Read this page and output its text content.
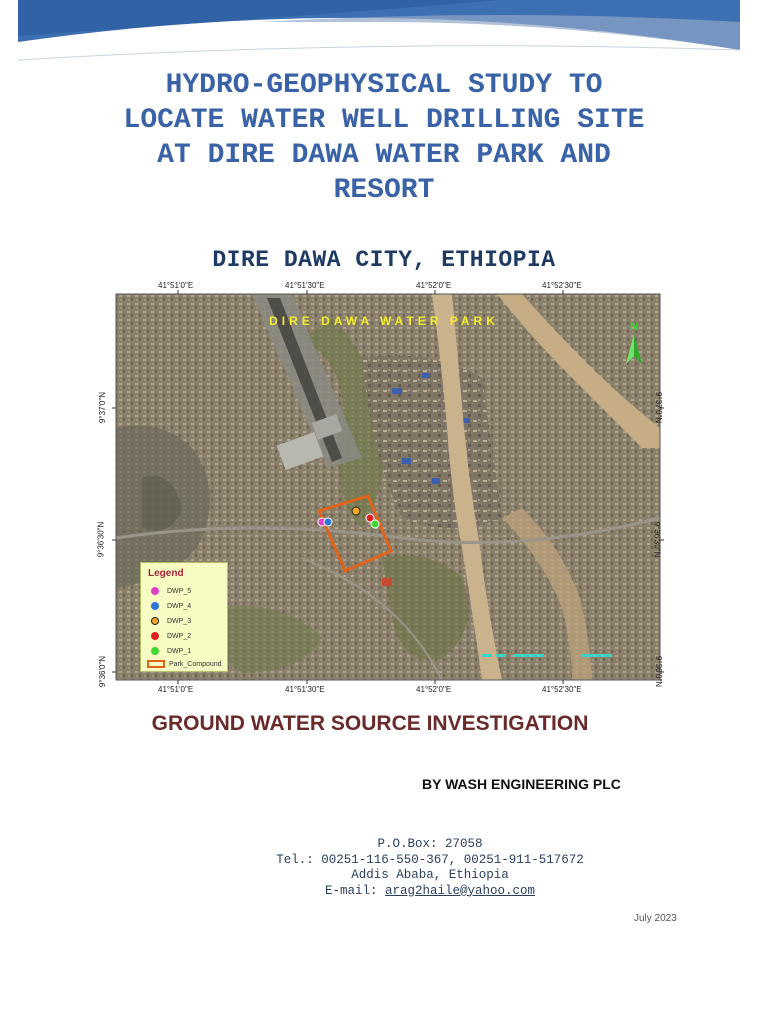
HYDRO-GEOPHYSICAL STUDY TO
LOCATE WATER WELL DRILLING SITE
AT DIRE DAWA WATER PARK AND
RESORT
DIRE DAWA CITY, ETHIOPIA
41°51'0"E	41°51'30"E	41°52'0"E	41°52'30"E
41°51'0"E	41°51'30"E	41°52'0"E	41°52'30"E
9°37'0"N
9°36'30"N
9°36'0"N
9°37'0"N
9°36'30"N
9°36'0"N
DIRE DAWA WATER PARK	N
Legend
DWP_5
DWP_4
DWP_3
DWP_2
DWP_1
Park_Compound
GROUND WATER SOURCE INVESTIGATION

BY WASH ENGINEERING PLC

P.O.Box: 27058
Tel.: 00251-116-550-367, 00251-911-517672
Addis Ababa, Ethiopia
E-mail: arag2haile@yahoo.com
July 2023
